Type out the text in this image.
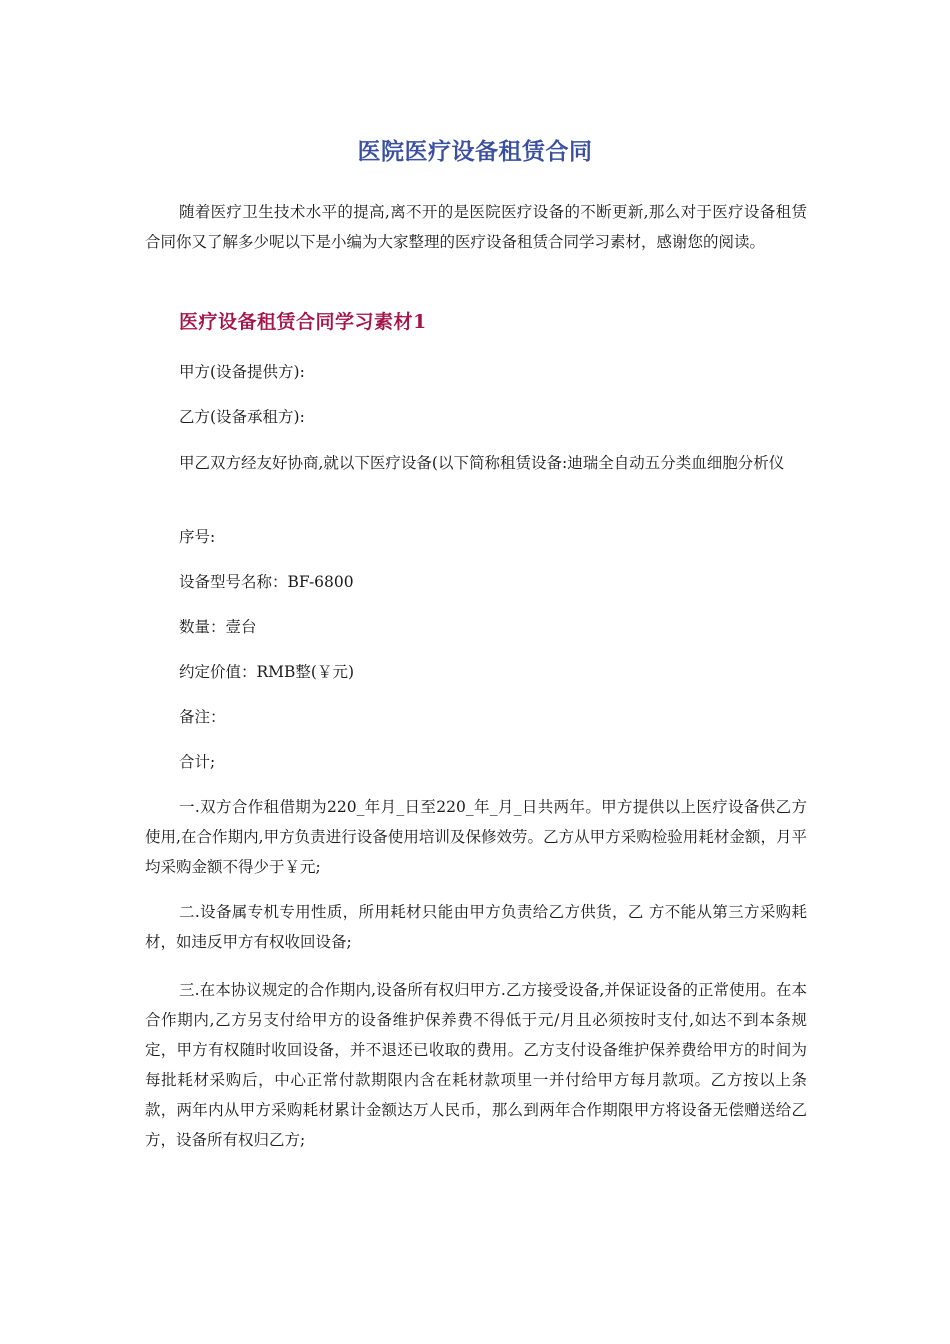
医院医疗设备租赁合同

随着医疗卫生技术水平的提高,离不开的是医院医疗设备的不断更新,那么对于医疗设备租赁合同你又了解多少呢以下是小编为大家整理的医疗设备租赁合同学习素材，感谢您的阅读。

医疗设备租赁合同学习素材1

甲方(设备提供方):

乙方(设备承租方):

甲乙双方经友好协商,就以下医疗设备(以下简称租赁设备:迪瑞全自动五分类血细胞分析仪

序号:

设备型号名称：BF-6800

数量：壹台

约定价值：RMB整(￥元)

备注：

合计;

一.双方合作租借期为220_年月_日至220_年_月_日共两年。甲方提供以上医疗设备供乙方使用,在合作期内,甲方负责进行设备使用培训及保修效劳。乙方从甲方采购检验用耗材金额，月平均采购金额不得少于￥元;

二.设备属专机专用性质，所用耗材只能由甲方负责给乙方供货，乙 方不能从第三方采购耗材，如违反甲方有权收回设备;

三.在本协议规定的合作期内,设备所有权归甲方.乙方接受设备,并保证设备的正常使用。在本合作期内,乙方另支付给甲方的设备维护保养费不得低于元/月且必须按时支付,如达不到本条规定，甲方有权随时收回设备，并不退还已收取的费用。乙方支付设备维护保养费给甲方的时间为每批耗材采购后，中心正常付款期限内含在耗材款项里一并付给甲方每月款项。乙方按以上条款，两年内从甲方采购耗材累计金额达万人民币，那么到两年合作期限甲方将设备无偿赠送给乙方，设备所有权归乙方;
